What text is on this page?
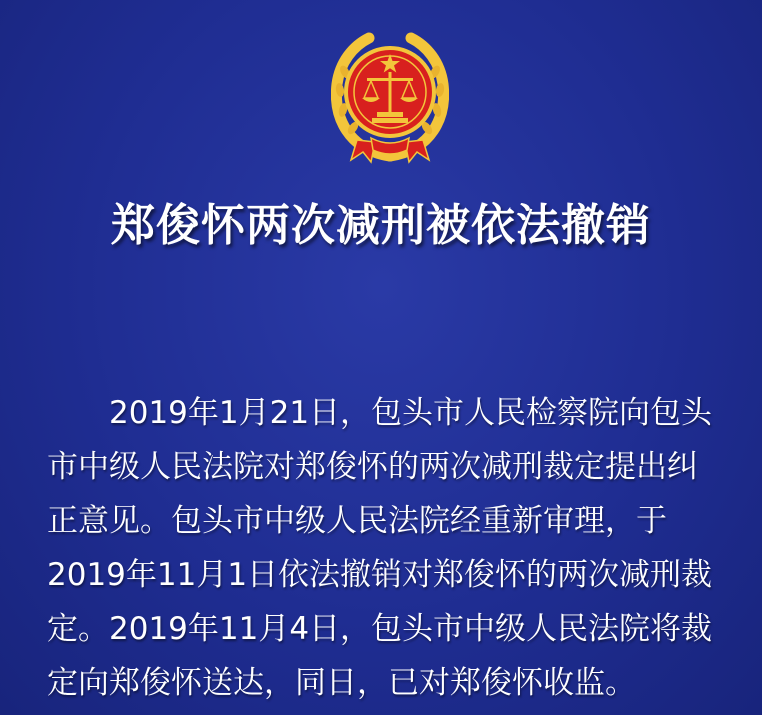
郑俊怀两次减刑被依法撤销

2019年1月21日，包头市人民检察院向包头市中级人民法院对郑俊怀的两次减刑裁定提出纠正意见。包头市中级人民法院经重新审理，于2019年11月1日依法撤销对郑俊怀的两次减刑裁定。2019年11月4日，包头市中级人民法院将裁定向郑俊怀送达，同日，已对郑俊怀收监。
